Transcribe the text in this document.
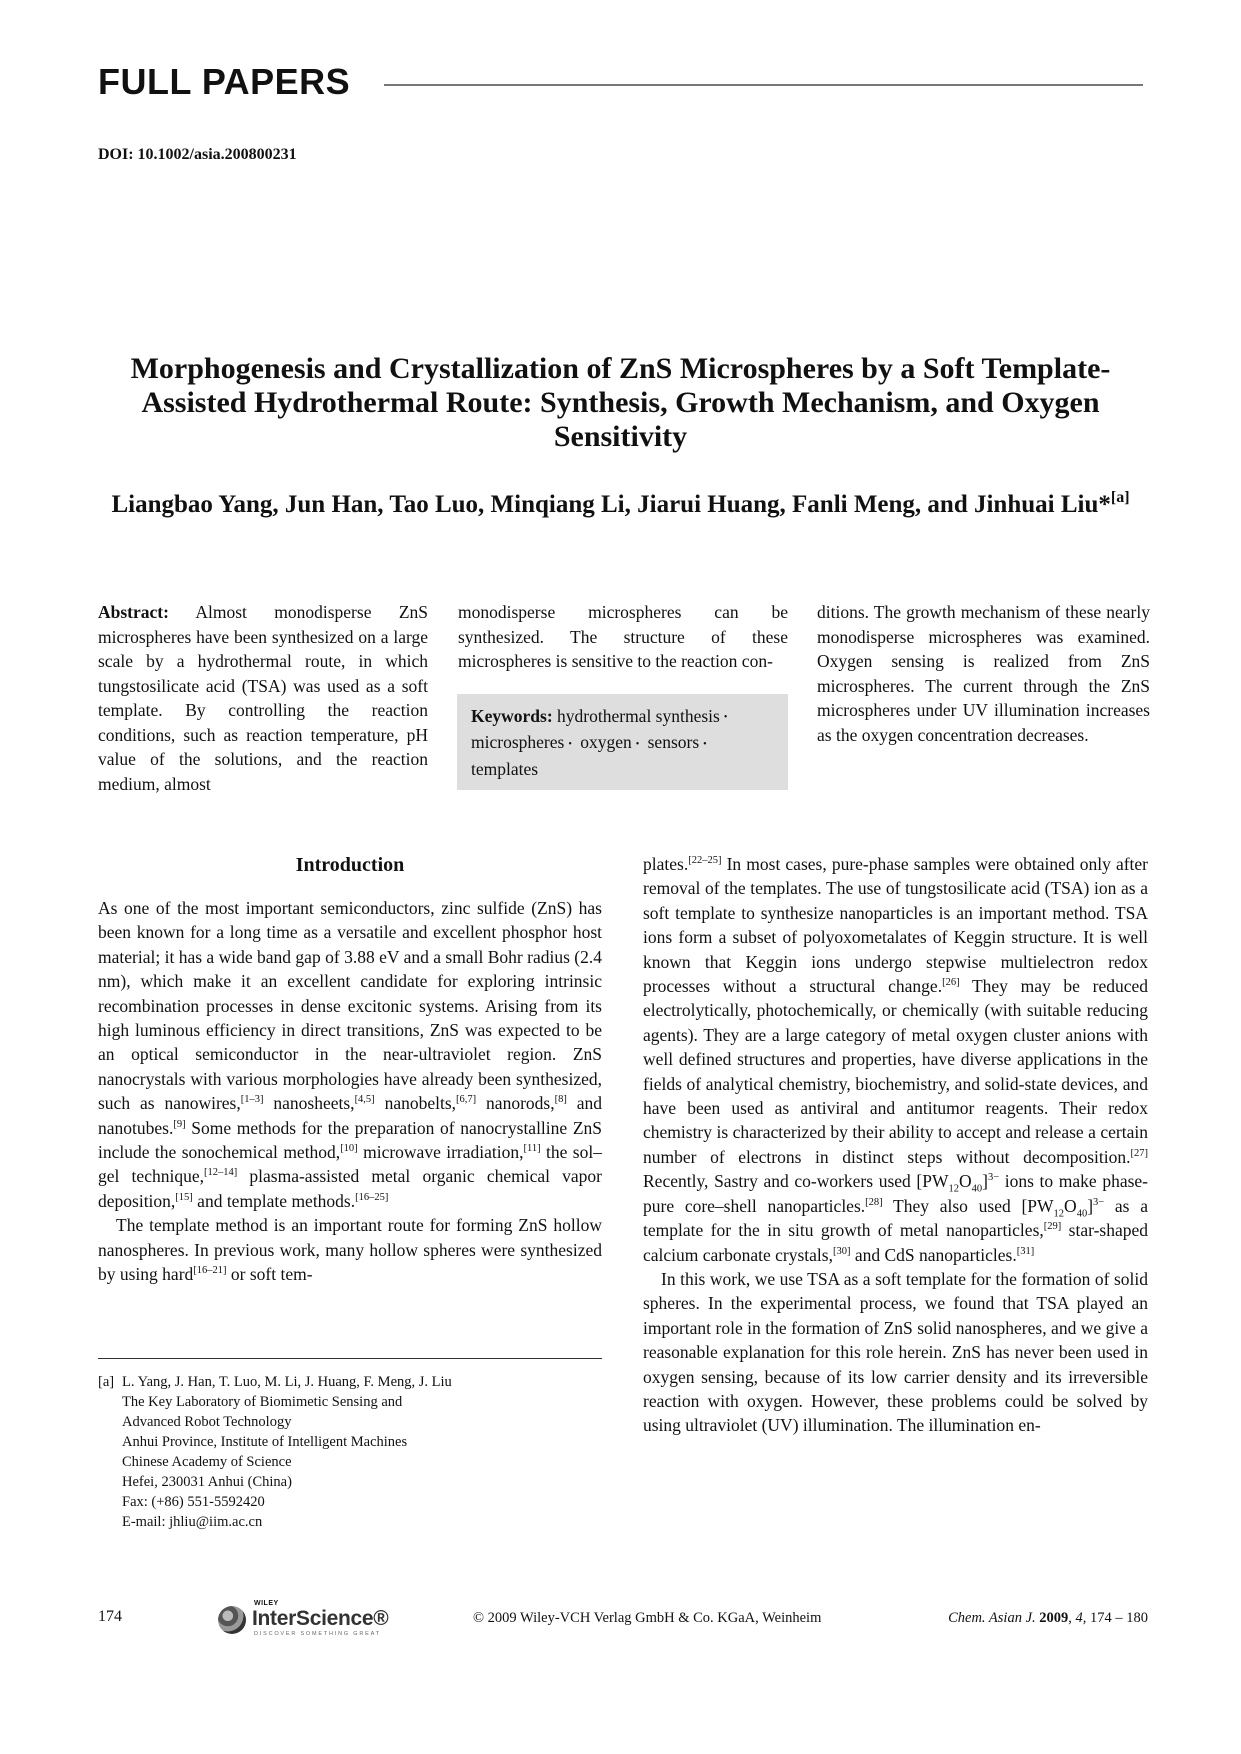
FULL PAPERS
DOI: 10.1002/asia.200800231
Morphogenesis and Crystallization of ZnS Microspheres by a Soft Template-Assisted Hydrothermal Route: Synthesis, Growth Mechanism, and Oxygen Sensitivity

Liangbao Yang, Jun Han, Tao Luo, Minqiang Li, Jiarui Huang, Fanli Meng, and Jinhuai Liu*[a]

Abstract: Almost monodisperse ZnS microspheres have been synthesized on a large scale by a hydrothermal route, in which tungstosilicate acid (TSA) was used as a soft template. By controlling the reaction conditions, such as reaction temperature, pH value of the solutions, and the reaction medium, almost

monodisperse microspheres can be synthesized. The structure of these microspheres is sensitive to the reaction con-

ditions. The growth mechanism of these nearly monodisperse microspheres was examined. Oxygen sensing is realized from ZnS microspheres. The current through the ZnS microspheres under UV illumination increases as the oxygen concentration decreases.

Keywords: hydrothermal synthesis • microspheres • oxygen • sensors • templates
Introduction

As one of the most important semiconductors, zinc sulfide (ZnS) has been known for a long time as a versatile and excellent phosphor host material; it has a wide band gap of 3.88 eV and a small Bohr radius (2.4 nm), which make it an excellent candidate for exploring intrinsic recombination processes in dense excitonic systems. Arising from its high luminous efficiency in direct transitions, ZnS was expected to be an optical semiconductor in the near-ultraviolet region. ZnS nanocrystals with various morphologies have already been synthesized, such as nanowires,[1–3] nanosheets,[4,5] nanobelts,[6,7] nanorods,[8] and nanotubes.[9] Some methods for the preparation of nanocrystalline ZnS include the sonochemical method,[10] microwave irradiation,[11] the sol–gel technique,[12–14] plasma-assisted metal organic chemical vapor deposition,[15] and template methods.[16–25]

The template method is an important route for forming ZnS hollow nanospheres. In previous work, many hollow spheres were synthesized by using hard[16–21] or soft tem-

[a] L. Yang, J. Han, T. Luo, M. Li, J. Huang, F. Meng, J. Liu
The Key Laboratory of Biomimetic Sensing and
Advanced Robot Technology
Anhui Province, Institute of Intelligent Machines
Chinese Academy of Science
Hefei, 230031 Anhui (China)
Fax: (+86) 551-5592420
E-mail: jhliu@iim.ac.cn

plates.[22–25] In most cases, pure-phase samples were obtained only after removal of the templates. The use of tungstosilicate acid (TSA) ion as a soft template to synthesize nanoparticles is an important method. TSA ions form a subset of polyoxometalates of Keggin structure. It is well known that Keggin ions undergo stepwise multielectron redox processes without a structural change.[26] They may be reduced electrolytically, photochemically, or chemically (with suitable reducing agents). They are a large category of metal oxygen cluster anions with well defined structures and properties, have diverse applications in the fields of analytical chemistry, biochemistry, and solid-state devices, and have been used as antiviral and antitumor reagents. Their redox chemistry is characterized by their ability to accept and release a certain number of electrons in distinct steps without decomposition.[27] Recently, Sastry and co-workers used $[PW_{12}O_{40}]^{3-}$ ions to make phase-pure core–shell nanoparticles.[28] They also used $[PW_{12}O_{40}]^{3-}$ as a template for the in situ growth of metal nanoparticles,[29] star-shaped calcium carbonate crystals,[30] and CdS nanoparticles.[31]

In this work, we use TSA as a soft template for the formation of solid spheres. In the experimental process, we found that TSA played an important role in the formation of ZnS solid nanospheres, and we give a reasonable explanation for this role herein. ZnS has never been used in oxygen sensing, because of its low carrier density and its irreversible reaction with oxygen. However, these problems could be solved by using ultraviolet (UV) illumination. The illumination en-

174
WILEY
InterScience®
DISCOVER SOMETHING GREAT
© 2009 Wiley-VCH Verlag GmbH & Co. KGaA, Weinheim	Chem. Asian J. 2009, 4, 174 – 180
